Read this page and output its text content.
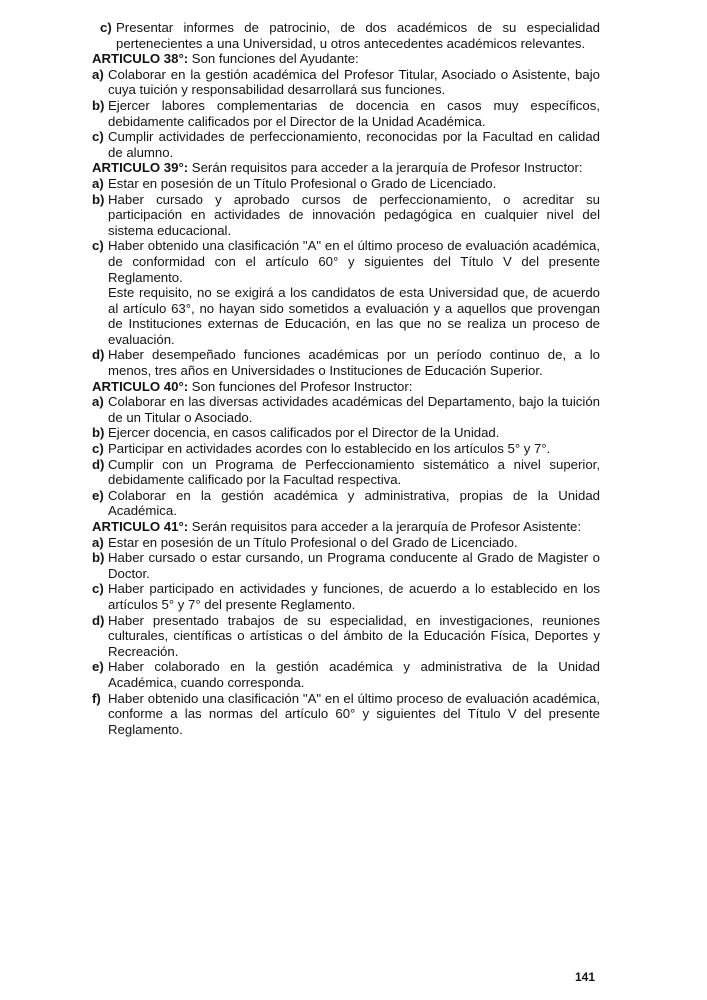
c) Presentar informes de patrocinio, de dos académicos de su especialidad pertenecientes a una Universidad, u otros antecedentes académicos relevantes.
ARTICULO 38°: Son funciones del Ayudante:
a) Colaborar en la gestión académica del Profesor Titular, Asociado o Asistente, bajo cuya tuición y responsabilidad desarrollará sus funciones.
b) Ejercer labores complementarias de docencia en casos muy específicos, debidamente calificados por el Director de la Unidad Académica.
c) Cumplir actividades de perfeccionamiento, reconocidas por la Facultad en calidad de alumno.
ARTICULO 39°: Serán requisitos para acceder a la jerarquía de Profesor Instructor:
a) Estar en posesión de un Título Profesional o Grado de Licenciado.
b) Haber cursado y aprobado cursos de perfeccionamiento, o acreditar su participación en actividades de innovación pedagógica en cualquier nivel del sistema educacional.
c) Haber obtenido una clasificación "A" en el último proceso de evaluación académica, de conformidad con el artículo 60° y siguientes del Título V del presente Reglamento.
Este requisito, no se exigirá a los candidatos de esta Universidad que, de acuerdo al artículo 63°, no hayan sido sometidos a evaluación y a aquellos que provengan de Instituciones externas de Educación, en las que no se realiza un proceso de evaluación.
d) Haber desempeñado funciones académicas por un período continuo de, a lo menos, tres años en Universidades o Instituciones de Educación Superior.
ARTICULO 40°: Son funciones del Profesor Instructor:
a) Colaborar en las diversas actividades académicas del Departamento, bajo la tuición de un Titular o Asociado.
b) Ejercer docencia, en casos calificados por el Director de la Unidad.
c) Participar en actividades acordes con lo establecido en los artículos 5° y 7°.
d) Cumplir con un Programa de Perfeccionamiento sistemático a nivel superior, debidamente calificado por la Facultad respectiva.
e) Colaborar en la gestión académica y administrativa, propias de la Unidad Académica.
ARTICULO 41°: Serán requisitos para acceder a la jerarquía de Profesor Asistente:
a) Estar en posesión de un Título Profesional o del Grado de Licenciado.
b) Haber cursado o estar cursando, un Programa conducente al Grado de Magister o Doctor.
c) Haber participado en actividades y funciones, de acuerdo a lo establecido en los artículos 5° y 7° del presente Reglamento.
d) Haber presentado trabajos de su especialidad, en investigaciones, reuniones culturales, científicas o artísticas o del ámbito de la Educación Física, Deportes y Recreación.
e) Haber colaborado en la gestión académica y administrativa de la Unidad Académica, cuando corresponda.
f) Haber obtenido una clasificación "A" en el último proceso de evaluación académica, conforme a las normas del artículo 60° y siguientes del Título V del presente Reglamento.
141
